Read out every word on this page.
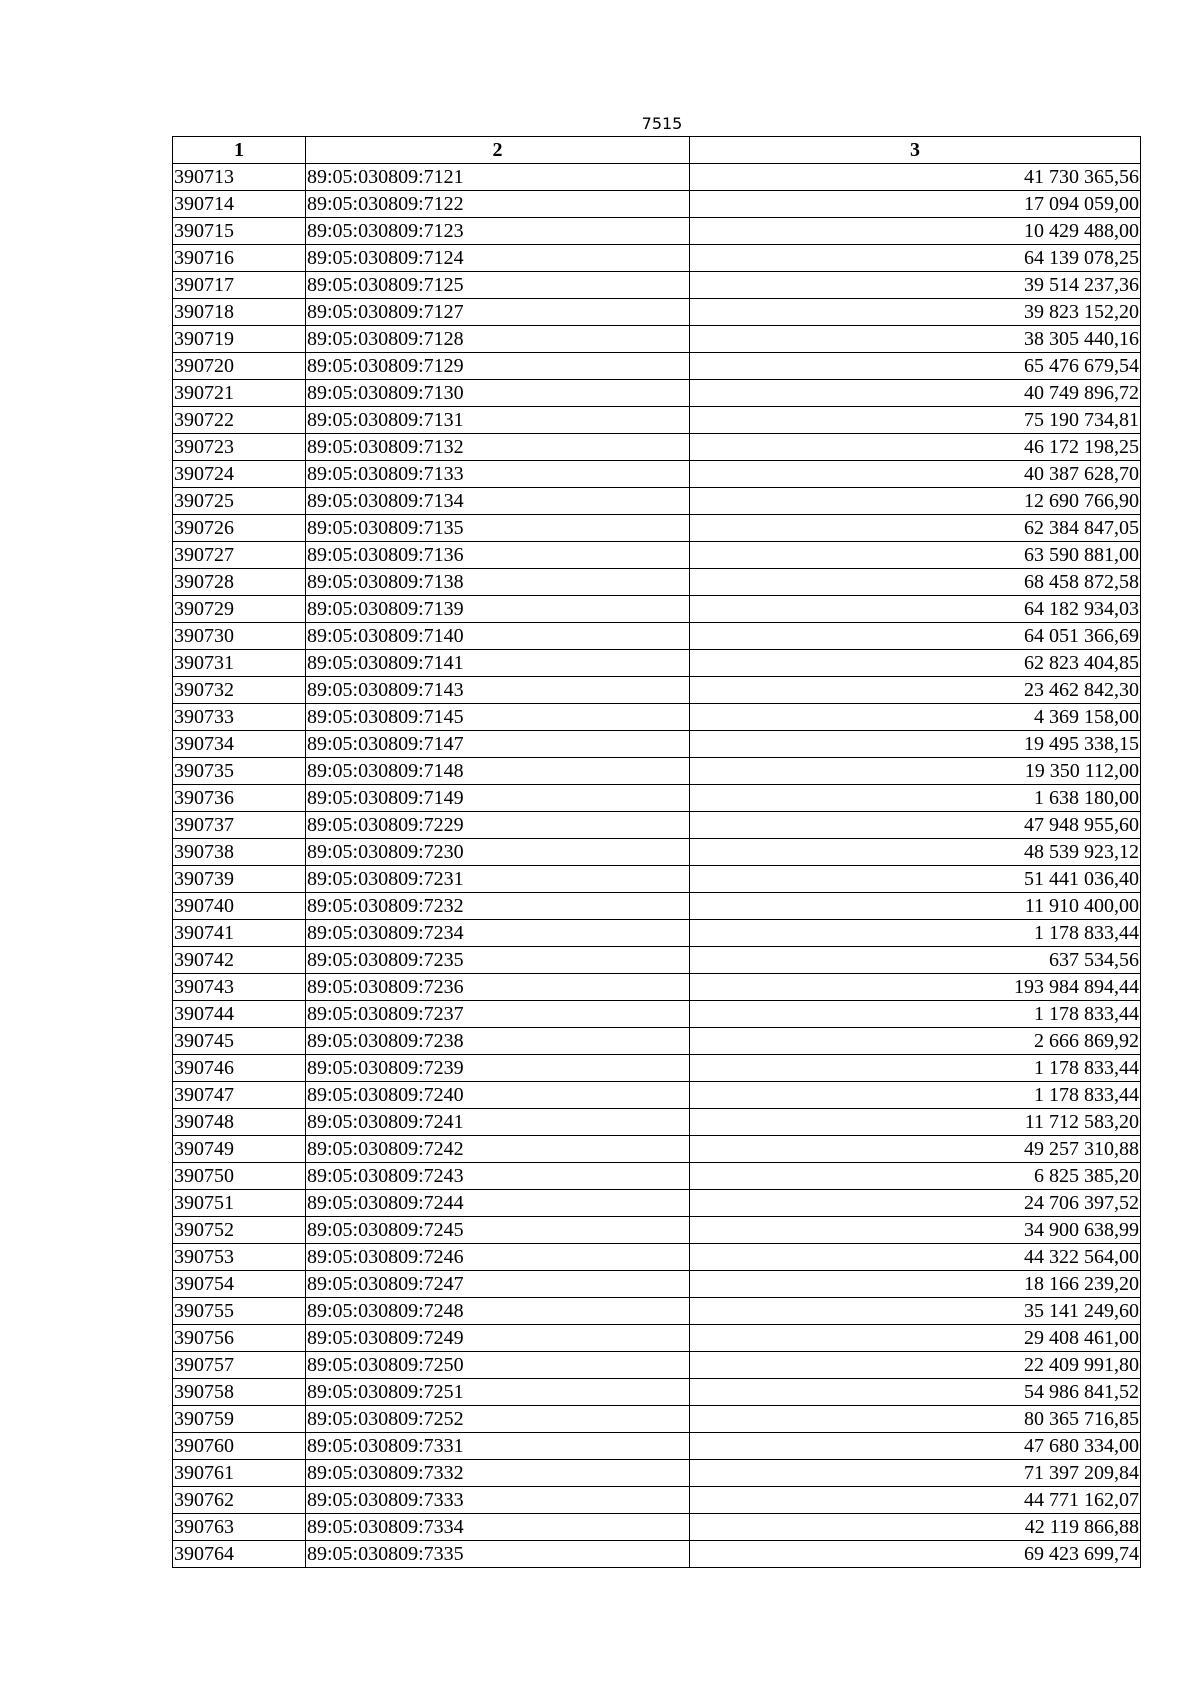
7515
1	2	3
390713	89:05:030809:7121	41 730 365,56
390714	89:05:030809:7122	17 094 059,00
390715	89:05:030809:7123	10 429 488,00
390716	89:05:030809:7124	64 139 078,25
390717	89:05:030809:7125	39 514 237,36
390718	89:05:030809:7127	39 823 152,20
390719	89:05:030809:7128	38 305 440,16
390720	89:05:030809:7129	65 476 679,54
390721	89:05:030809:7130	40 749 896,72
390722	89:05:030809:7131	75 190 734,81
390723	89:05:030809:7132	46 172 198,25
390724	89:05:030809:7133	40 387 628,70
390725	89:05:030809:7134	12 690 766,90
390726	89:05:030809:7135	62 384 847,05
390727	89:05:030809:7136	63 590 881,00
390728	89:05:030809:7138	68 458 872,58
390729	89:05:030809:7139	64 182 934,03
390730	89:05:030809:7140	64 051 366,69
390731	89:05:030809:7141	62 823 404,85
390732	89:05:030809:7143	23 462 842,30
390733	89:05:030809:7145	4 369 158,00
390734	89:05:030809:7147	19 495 338,15
390735	89:05:030809:7148	19 350 112,00
390736	89:05:030809:7149	1 638 180,00
390737	89:05:030809:7229	47 948 955,60
390738	89:05:030809:7230	48 539 923,12
390739	89:05:030809:7231	51 441 036,40
390740	89:05:030809:7232	11 910 400,00
390741	89:05:030809:7234	1 178 833,44
390742	89:05:030809:7235	637 534,56
390743	89:05:030809:7236	193 984 894,44
390744	89:05:030809:7237	1 178 833,44
390745	89:05:030809:7238	2 666 869,92
390746	89:05:030809:7239	1 178 833,44
390747	89:05:030809:7240	1 178 833,44
390748	89:05:030809:7241	11 712 583,20
390749	89:05:030809:7242	49 257 310,88
390750	89:05:030809:7243	6 825 385,20
390751	89:05:030809:7244	24 706 397,52
390752	89:05:030809:7245	34 900 638,99
390753	89:05:030809:7246	44 322 564,00
390754	89:05:030809:7247	18 166 239,20
390755	89:05:030809:7248	35 141 249,60
390756	89:05:030809:7249	29 408 461,00
390757	89:05:030809:7250	22 409 991,80
390758	89:05:030809:7251	54 986 841,52
390759	89:05:030809:7252	80 365 716,85
390760	89:05:030809:7331	47 680 334,00
390761	89:05:030809:7332	71 397 209,84
390762	89:05:030809:7333	44 771 162,07
390763	89:05:030809:7334	42 119 866,88
390764	89:05:030809:7335	69 423 699,74
